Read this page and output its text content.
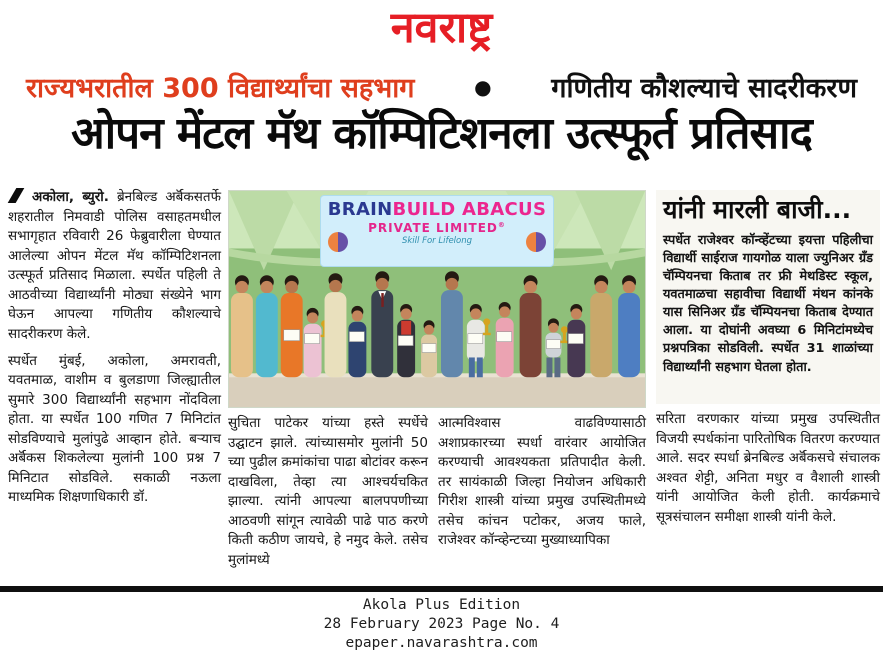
नवराष्ट्र
राज्यभरातील 300 विद्यार्थ्यांचा सहभाग	● गणितीय कौशल्याचे सादरीकरण
ओपन मेंटल मॅथ कॉम्पिटिशनला उत्स्फूर्त प्रतिसाद

अकोला, ब्युरो. ब्रेनबिल्ड अर्बॅकसतर्फे शहरातील निमवाडी पोलिस वसाहतमधील सभागृहात रविवारी 26 फेब्रुवारीला घेण्यात आलेल्या ओपन मेंटल मॅथ कॉम्पिटिशनला उत्स्फूर्त प्रतिसाद मिळाला. स्पर्धेत पहिली ते आठवीच्या विद्यार्थ्यांनी मोठ्या संख्येने भाग घेऊन आपल्या गणितीय कौशल्याचे सादरीकरण केले.

स्पर्धेत मुंबई, अकोला, अमरावती, यवतमाळ, वाशीम व बुलडाणा जिल्ह्यातील सुमारे 300 विद्यार्थ्यांनी सहभाग नोंदविला होता. या स्पर्धेत 100 गणित 7 मिनिटांत सोडविण्याचे मुलांपुढे आव्हान होते. बऱ्याच अर्बॅकस शिकलेल्या मुलांनी 100 प्रश्न 7 मिनिटात सोडविले. सकाळी नऊला माध्यमिक शिक्षणाधिकारी डॉ.

BRAINBUILD ABACUS
PRIVATE LIMITED®
Skill For Lifelong

सुचिता पाटेकर यांच्या हस्ते स्पर्धेचे उद्घाटन झाले. त्यांच्यासमोर मुलांनी 50 च्या पुढील क्रमांकांचा पाढा बोटांवर करून दाखविला, तेव्हा त्या आश्चर्यचकित झाल्या. त्यांनी आपल्या बालपपणीच्या आठवणी सांगून त्यावेळी पाढे पाठ करणे किती कठीण जायचे, हे नमुद केले. तसेच मुलांमध्ये

आत्मविश्वास वाढविण्यासाठी अशाप्रकारच्या स्पर्धा वारंवार आयोजित करण्याची आवश्यकता प्रतिपादीत केली. तर सायंकाळी जिल्हा नियोजन अधिकारी गिरीश शास्त्री यांच्या प्रमुख उपस्थितीमध्ये तसेच कांचन पटोकर, अजय फाले, राजेश्वर कॉन्व्हेन्टच्या मुख्याध्यापिका

यांनी मारली बाजी...

स्पर्धेत राजेश्वर कॉन्व्हेंटच्या इयत्ता पहिलीचा विद्यार्थी साईराज गायगोळ याला ज्युनिअर ग्रँड चॅम्पियनचा किताब तर फ्री मेथडिस्ट स्कूल, यवतमाळचा सहावीचा विद्यार्थी मंथन कांनके यास सिनिअर ग्रँड चॅम्पियनचा किताब देण्यात आला. या दोघांनी अवघ्या 6 मिनिटांमध्येच प्रश्नपत्रिका सोडविली. स्पर्धेत 31 शाळांच्या विद्यार्थ्यांनी सहभाग घेतला होता.

सरिता वरणकार यांच्या प्रमुख उपस्थितीत विजयी स्पर्धकांना पारितोषिक वितरण करण्यात आले. सदर स्पर्धा ब्रेनबिल्ड अर्बॅकसचे संचालक अश्वत शेट्टी, अनिता मधुर व वैशाली शास्त्री यांनी आयोजित केली होती. कार्यक्रमाचे सूत्रसंचालन समीक्षा शास्त्री यांनी केले.

Akola Plus Edition
28 February 2023 Page No. 4
epaper.navarashtra.com
